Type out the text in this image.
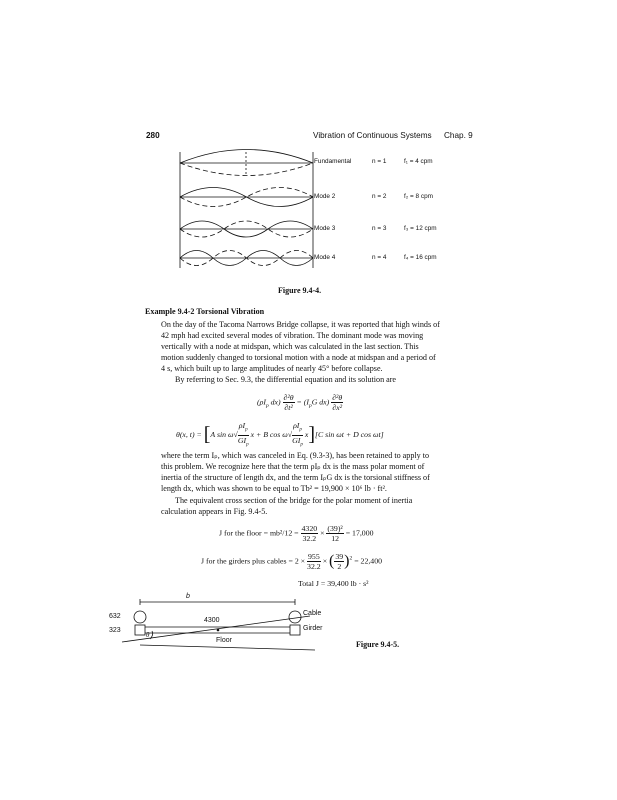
280	Vibration of Continuous Systems Chap. 9
Fundamental	n = 1	f₁ = 4 cpm
Mode 2	n = 2	f₂ = 8 cpm
Mode 3	n = 3	f₃ = 12 cpm
Mode 4	n = 4	f₄ = 16 cpm
Figure 9.4-4.
Example 9.4-2 Torsional Vibration
On the day of the Tacoma Narrows Bridge collapse, it was reported that high winds of
42 mph had excited several modes of vibration. The dominant mode was moving
vertically with a node at midspan, which was calculated in the last section. This
motion suddenly changed to torsional motion with a node at midspan and a period of
4 s, which built up to large amplitudes of nearly 45° before collapse.
By referring to Sec. 9.3, the differential equation and its solution are
($\rho I_p$ $dx) \frac{\text{∂²θ}}{\text{∂t²}} = (I_pG$ $dx) \frac{\text{∂²θ}}{\text{∂x²}}$
θ(x, t) = [A $\sin \omega√ \frac{\rho I_p}{GI_p}$ x + B $\cos \omega√ \frac{\rho I_p}{GI_p} x][C$ sin ωt + D cos ωt]
where the term Iₚ, which was canceled in Eq. (9.3-3), has been retained to apply to
this problem. We recognize here that the term ρIₚ dx is the mass polar moment of
inertia of the structure of length dx, and the term IₚG dx is the torsional stiffness of
length dx, which was shown to be equal to Tb² = 19,900 × 10⁶ lb · ft².
The equivalent cross section of the bridge for the polar moment of inertia
calculation appears in Fig. 9.4-5.
J for the floor = $mb^2/12 = \frac{4320}{32.2} \times \frac{\text{(39)²}}{12} = 17,000$
J for the girders plus cables = $2 \times \frac{955}{32.2}$ × ( $\frac{39}{2} )^2 = 22,400$
Total J = 39,400 lb · s²
b
632
323
4300
θ
Cable
Girder
Floor	Figure 9.4-5.
